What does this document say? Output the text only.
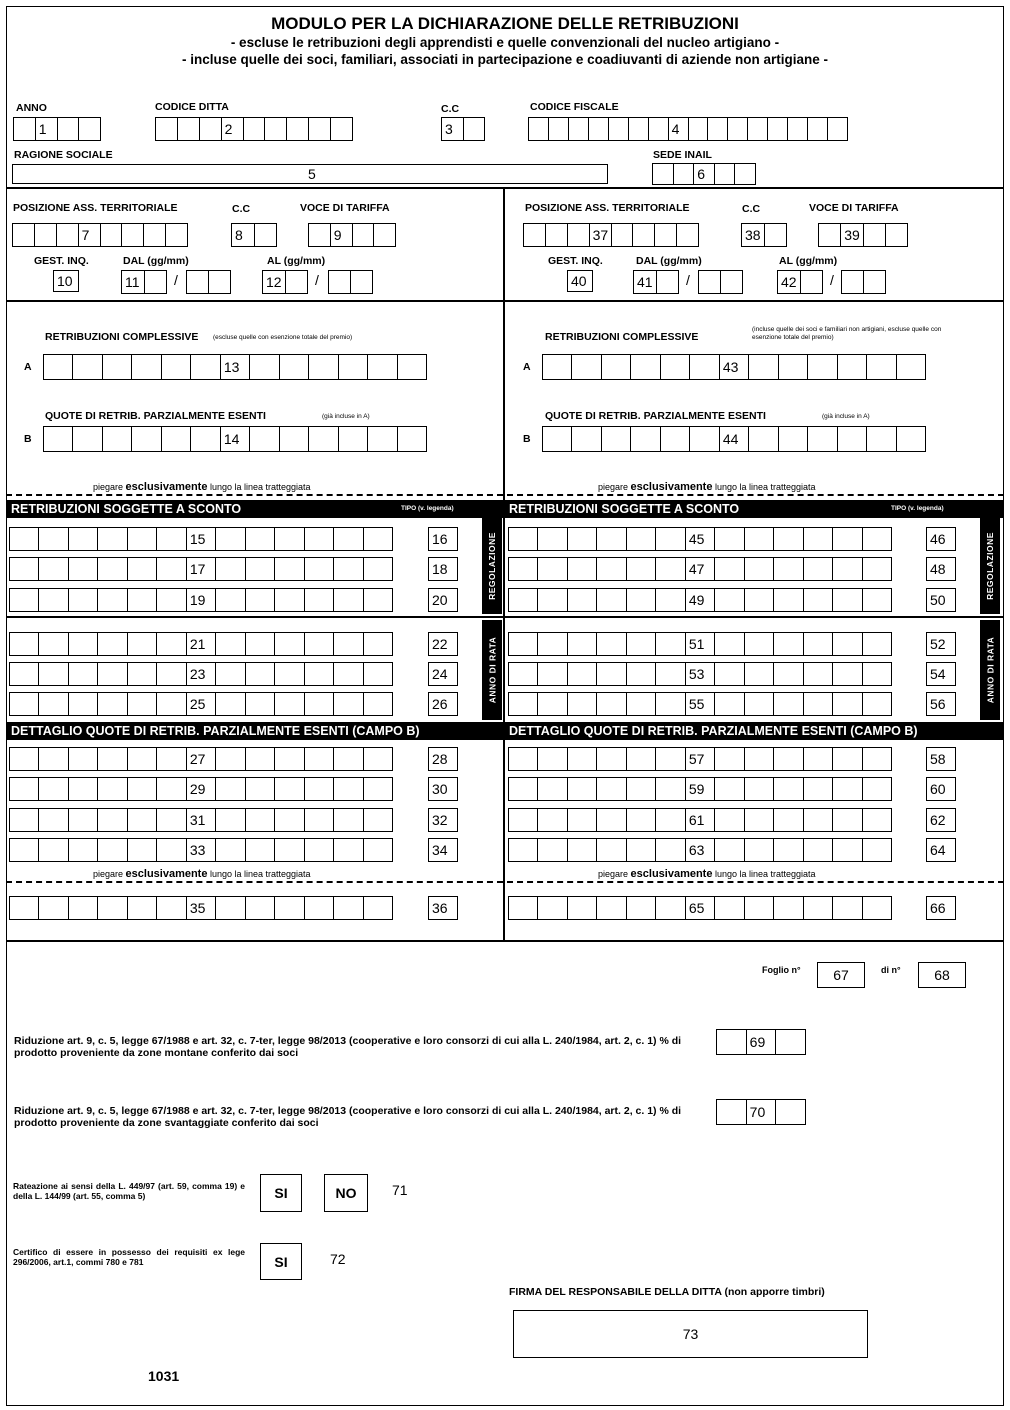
MODULO PER LA DICHIARAZIONE DELLE RETRIBUZIONI
- escluse le retribuzioni degli apprendisti e quelle convenzionali del nucleo artigiano -
- incluse quelle dei soci, familiari, associati in partecipazione e coadiuvanti di aziende non artigiane -
ANNO	CODICE DITTA	C.C	CODICE FISCALE
RAGIONE SOCIALE	SEDE INAIL
1	2	3	4
5	6
POSIZIONE ASS. TERRITORIALE	C.C	VOCE DI TARIFFA
7	8	9
GEST. INQ.	DAL (gg/mm)	AL (gg/mm)
10	11 /	12 /
POSIZIONE ASS. TERRITORIALE	C.C	VOCE DI TARIFFA
37	38	39
GEST. INQ.	DAL (gg/mm)	AL (gg/mm)
40	41 /	42 /
RETRIBUZIONI COMPLESSIVE (escluse quelle con esenzione totale del premio)
A	13
QUOTE DI RETRIB. PARZIALMENTE ESENTI	(già incluse in A)
B	14
RETRIBUZIONI COMPLESSIVE
(incluse quelle dei soci e familiari non artigiani, escluse quelle con esenzione totale del premio)
A	43
QUOTE DI RETRIB. PARZIALMENTE ESENTI	(già incluse in A)
B	44
piegare esclusivamente lungo la linea tratteggiata	piegare esclusivamente lungo la linea tratteggiata
RETRIBUZIONI SOGGETTE A SCONTO	TIPO (v. legenda)	RETRIBUZIONI SOGGETTE A SCONTO	TIPO (v. legenda)
REGOLAZIONE	REGOLAZIONE
ANNO DI RATA	ANNO DI RATA
DETTAGLIO QUOTE DI RETRIB. PARZIALMENTE ESENTI (CAMPO B)	DETTAGLIO QUOTE DI RETRIB. PARZIALMENTE ESENTI (CAMPO B)
15	16	45	46
17	18	47	48
19	20	49	50
21	22	51	52
23	24	53	54
25	26	55	56
27	28	57	58
29	30	59	60
31	32	61	62
33	34	63	64
35	36	65	66
piegare esclusivamente lungo la linea tratteggiata	piegare esclusivamente lungo la linea tratteggiata
Foglio n°	67	di n°	68
Riduzione art. 9, c. 5, legge 67/1988 e art. 32, c. 7-ter, legge 98/2013 (cooperative e loro consorzi di cui alla L. 240/1984, art. 2, c. 1) % di prodotto proveniente da zone montane conferito dai soci
69
Riduzione art. 9, c. 5, legge 67/1988 e art. 32, c. 7-ter, legge 98/2013 (cooperative e loro consorzi di cui alla L. 240/1984, art. 2, c. 1) % di prodotto proveniente da zone svantaggiate conferito dai soci
70
Rateazione ai sensi della L. 449/97 (art. 59, comma 19) e della L. 144/99 (art. 55, comma 5)	SI	NO	71
Certifico di essere in possesso dei requisiti ex lege 296/2006, art.1, commi 780 e 781	SI	72
FIRMA DEL RESPONSABILE DELLA DITTA (non apporre timbri)
73
1031
